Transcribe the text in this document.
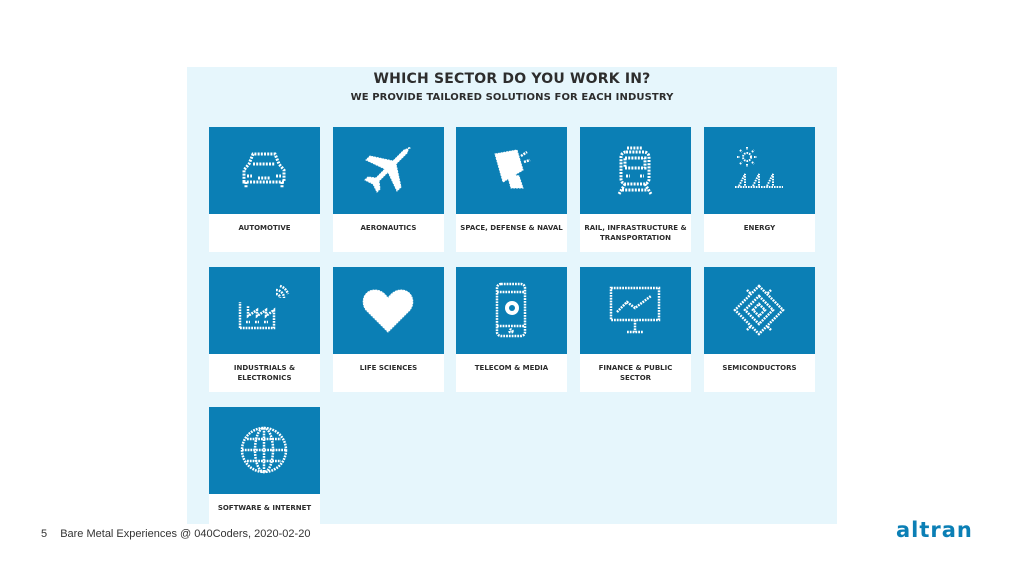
WHICH SECTOR DO YOU WORK IN?
WE PROVIDE TAILORED SOLUTIONS FOR EACH INDUSTRY
AUTOMOTIVE	AERONAUTICS	SPACE, DEFENSE & NAVAL	RAIL, INFRASTRUCTURE & TRANSPORTATION
ENERGY
INDUSTRIALS & ELECTRONICS
LIFE SCIENCES	TELECOM & MEDIA	FINANCE & PUBLIC SECTOR
SEMICONDUCTORS
SOFTWARE & INTERNET
5 Bare Metal Experiences @ 040Coders, 2020-02-20	altran
